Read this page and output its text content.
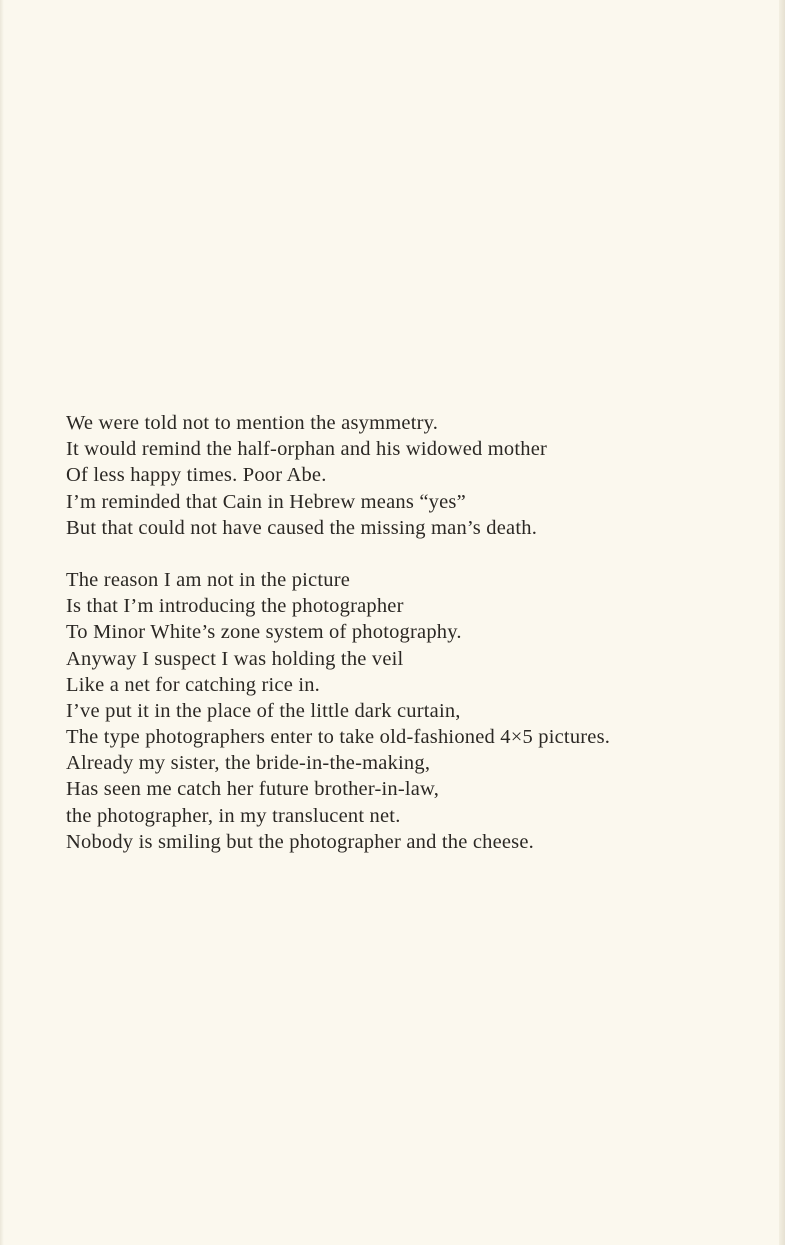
We were told not to mention the asymmetry.
It would remind the half-orphan and his widowed mother
Of less happy times. Poor Abe.
I’m reminded that Cain in Hebrew means “yes”
But that could not have caused the missing man’s death.
The reason I am not in the picture
Is that I’m introducing the photographer
To Minor White’s zone system of photography.
Anyway I suspect I was holding the veil
Like a net for catching rice in.
I’ve put it in the place of the little dark curtain,
The type photographers enter to take old-fashioned 4×5 pictures.
Already my sister, the bride-in-the-making,
Has seen me catch her future brother-in-law,
the photographer, in my translucent net.
Nobody is smiling but the photographer and the cheese.
